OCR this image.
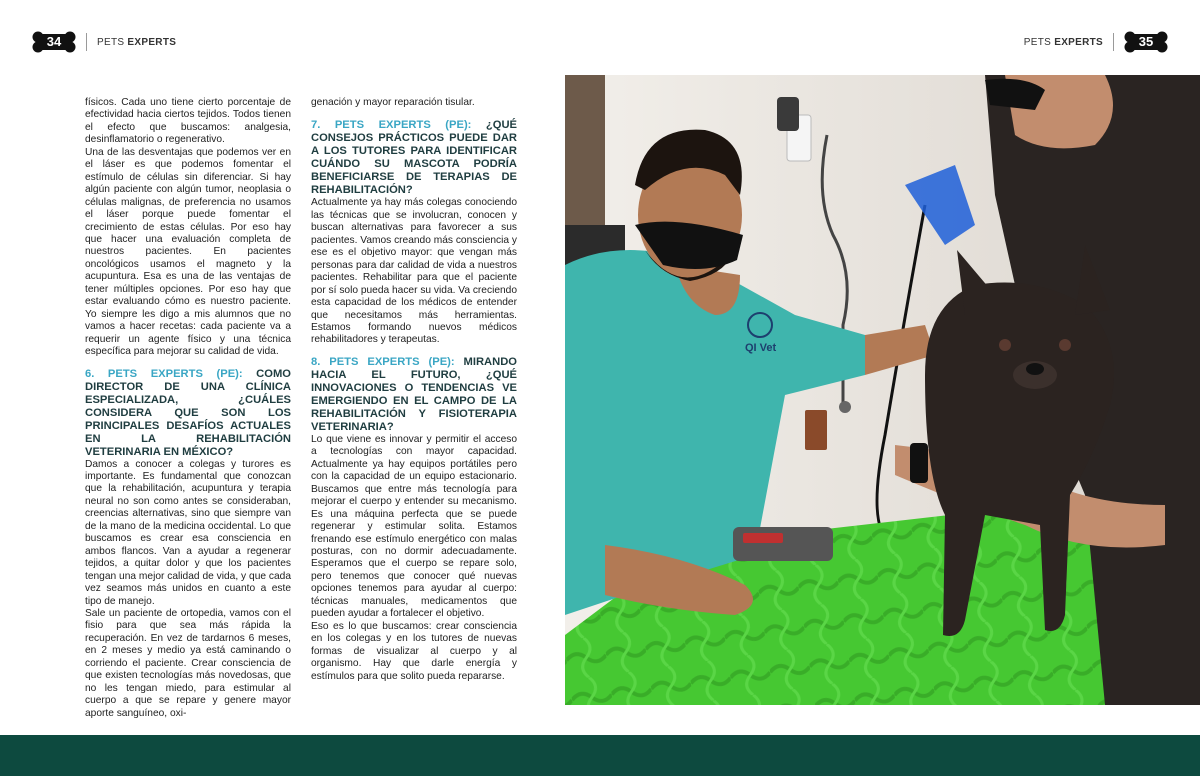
34	PETS EXPERTS	PETS EXPERTS	35

físicos. Cada uno tiene cierto porcentaje de efectividad hacia ciertos tejidos. Todos tienen el efecto que buscamos: analgesia, desinflamatorio o regenerativo.

Una de las desventajas que podemos ver en el láser es que podemos fomentar el estímulo de células sin diferenciar. Si hay algún paciente con algún tumor, neoplasia o células malignas, de preferencia no usamos el láser porque puede fomentar el crecimiento de estas células. Por eso hay que hacer una evaluación completa de nuestros pacientes. En pacientes oncológicos usamos el magneto y la acupuntura. Esa es una de las ventajas de tener múltiples opciones. Por eso hay que estar evaluando cómo es nuestro paciente. Yo siempre les digo a mis alumnos que no vamos a hacer recetas: cada paciente va a requerir un agente físico y una técnica específica para mejorar su calidad de vida.

6. PETS EXPERTS (PE): COMO DIRECTOR DE UNA CLÍNICA ESPECIALIZADA, ¿CUÁLES CONSIDERA QUE SON LOS PRINCIPALES DESAFÍOS ACTUALES EN LA REHABILITACIÓN VETERINARIA EN MÉXICO?

Damos a conocer a colegas y turores es importante. Es fundamental que conozcan que la rehabilitación, acupuntura y terapia neural no son como antes se consideraban, creencias alternativas, sino que siempre van de la mano de la medicina occidental. Lo que buscamos es crear esa consciencia en ambos flancos. Van a ayudar a regenerar tejidos, a quitar dolor y que los pacientes tengan una mejor calidad de vida, y que cada vez seamos más unidos en cuanto a este tipo de manejo.

Sale un paciente de ortopedia, vamos con el fisio para que sea más rápida la recuperación. En vez de tardarnos 6 meses, en 2 meses y medio ya está caminando o corriendo el paciente. Crear consciencia de que existen tecnologías más novedosas, que no les tengan miedo, para estimular al cuerpo a que se repare y genere mayor aporte sanguíneo, oxi-

genación y mayor reparación tisular.

7. PETS EXPERTS (PE): ¿QUÉ CONSEJOS PRÁCTICOS PUEDE DAR A LOS TUTORES PARA IDENTIFICAR CUÁNDO SU MASCOTA PODRÍA BENEFICIARSE DE TERAPIAS DE REHABILITACIÓN?

Actualmente ya hay más colegas conociendo las técnicas que se involucran, conocen y buscan alternativas para favorecer a sus pacientes. Vamos creando más consciencia y ese es el objetivo mayor: que vengan más personas para dar calidad de vida a nuestros pacientes. Rehabilitar para que el paciente por sí solo pueda hacer su vida. Va creciendo esta capacidad de los médicos de entender que necesitamos más herramientas. Estamos formando nuevos médicos rehabilitadores y terapeutas.

8. PETS EXPERTS (PE): MIRANDO HACIA EL FUTURO, ¿QUÉ INNOVACIONES O TENDENCIAS VE EMERGIENDO EN EL CAMPO DE LA REHABILITACIÓN Y FISIOTERAPIA VETERINARIA?

Lo que viene es innovar y permitir el acceso a tecnologías con mayor capacidad. Actualmente ya hay equipos portátiles pero con la capacidad de un equipo estacionario. Buscamos que entre más tecnología para mejorar el cuerpo y entender su mecanismo. Es una máquina perfecta que se puede regenerar y estimular solita. Estamos frenando ese estímulo energético con malas posturas, con no dormir adecuadamente. Esperamos que el cuerpo se repare solo, pero tenemos que conocer qué nuevas opciones tenemos para ayudar al cuerpo: técnicas manuales, medicamentos que pueden ayudar a fortalecer el objetivo.

Eso es lo que buscamos: crear consciencia en los colegas y en los tutores de nuevas formas de visualizar al cuerpo y al organismo. Hay que darle energía y estímulos para que solito pueda repararse.

QI Vet
